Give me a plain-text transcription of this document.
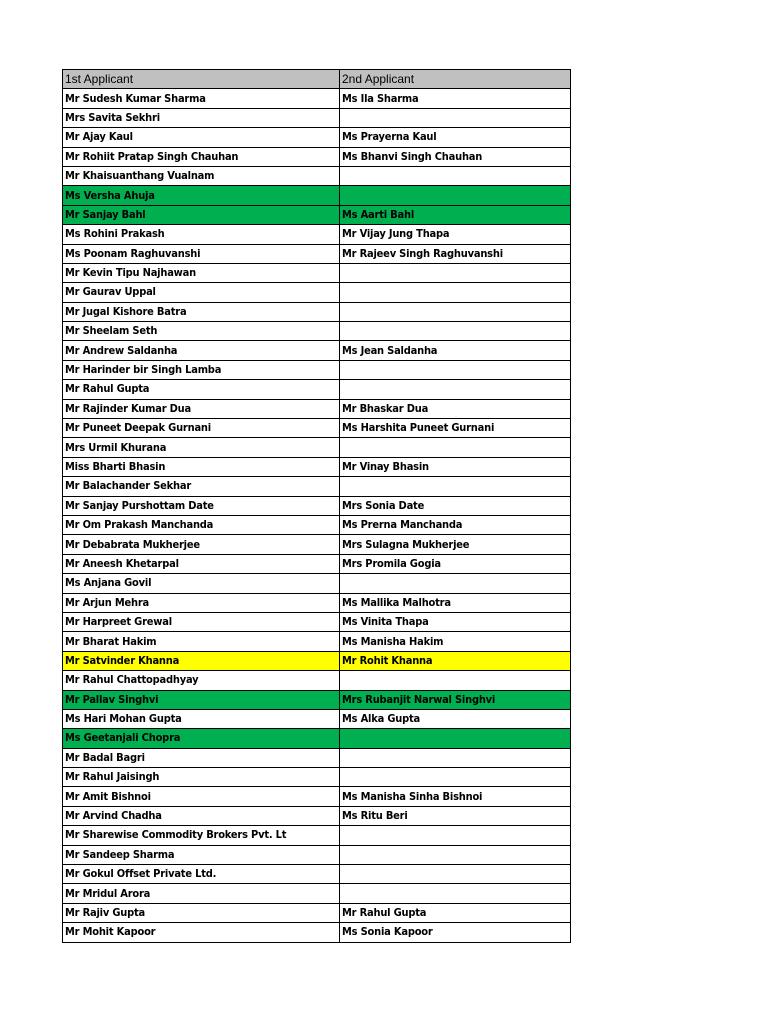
1st Applicant	2nd Applicant
Mr Sudesh Kumar Sharma	Ms Ila Sharma
Mrs Savita Sekhri	
Mr Ajay Kaul	Ms Prayerna Kaul
Mr Rohiit Pratap Singh Chauhan	Ms Bhanvi Singh Chauhan
Mr Khaisuanthang Vualnam	
Ms Versha Ahuja	
Mr Sanjay Bahl	Ms Aarti Bahl
Ms Rohini Prakash	Mr Vijay Jung Thapa
Ms Poonam Raghuvanshi	Mr Rajeev Singh Raghuvanshi
Mr Kevin Tipu Najhawan	
Mr Gaurav Uppal	
Mr Jugal Kishore Batra	
Mr Sheelam Seth	
Mr Andrew Saldanha	Ms Jean Saldanha
Mr Harinder bir Singh Lamba	
Mr Rahul Gupta	
Mr Rajinder Kumar Dua	Mr Bhaskar Dua
Mr Puneet Deepak Gurnani	Ms Harshita Puneet Gurnani
Mrs Urmil Khurana	
Miss Bharti Bhasin	Mr Vinay Bhasin
Mr Balachander Sekhar	
Mr Sanjay Purshottam Date	Mrs Sonia Date
Mr Om Prakash Manchanda	Ms Prerna Manchanda
Mr Debabrata Mukherjee	Mrs Sulagna Mukherjee
Mr Aneesh Khetarpal	Mrs Promila Gogia
Ms Anjana Govil	
Mr Arjun Mehra	Ms Mallika Malhotra
Mr Harpreet Grewal	Ms Vinita Thapa
Mr Bharat Hakim	Ms Manisha Hakim
Mr Satvinder Khanna	Mr Rohit Khanna
Mr Rahul Chattopadhyay	
Mr Pallav Singhvi	Mrs Rubanjit Narwal Singhvi
Ms Hari Mohan Gupta	Ms Alka Gupta
Ms Geetanjali Chopra	
Mr Badal Bagri	
Mr Rahul Jaisingh	
Mr Amit Bishnoi	Ms Manisha Sinha Bishnoi
Mr Arvind Chadha	Ms Ritu Beri
Mr Sharewise Commodity Brokers Pvt. Lt	
Mr Sandeep Sharma	
Mr Gokul Offset Private Ltd.	
Mr Mridul Arora	
Mr Rajiv Gupta	Mr Rahul Gupta
Mr Mohit Kapoor	Ms Sonia Kapoor
